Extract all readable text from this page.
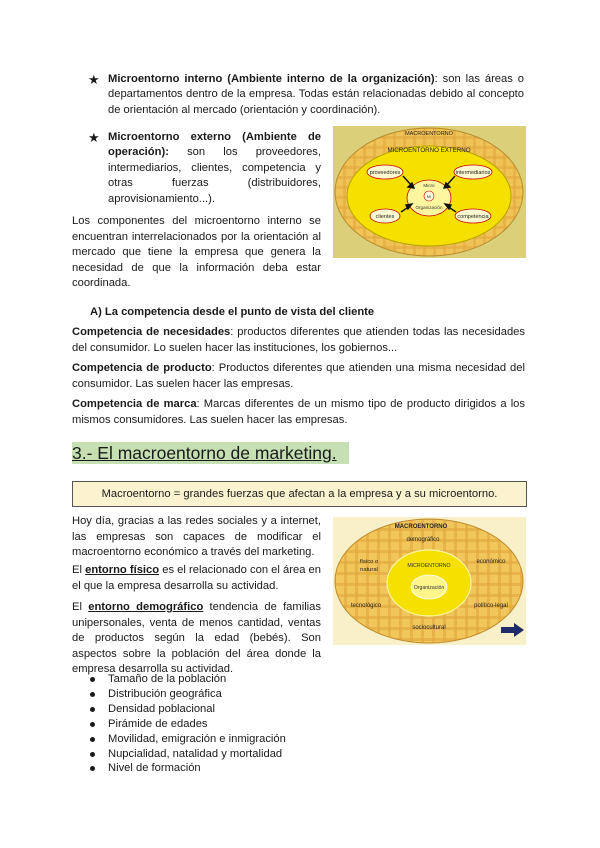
★ Microentorno interno (Ambiente interno de la organización): son las áreas o departamentos dentro de la empresa. Todas están relacionadas debido al concepto de orientación al mercado (orientación y coordinación).
★ Microentorno externo (Ambiente de operación): son los proveedores, intermediarios, clientes, competencia y otras fuerzas (distribuidores, aprovisionamiento...).
Los componentes del microentorno interno se encuentran interrelacionados por la orientación al mercado que tiene la empresa que genera la necesidad de que la información deba estar coordinada.
MACROENTORNO
MICROENTORNO EXTERNO
Micro
MI
Organización
proveedores	intermediarios
clientes	competencia
A) La competencia desde el punto de vista del cliente
Competencia de necesidades: productos diferentes que atienden todas las necesidades del consumidor. Lo suelen hacer las instituciones, los gobiernos...
Competencia de producto: Productos diferentes que atienden una misma necesidad del consumidor. Las suelen hacer las empresas.
Competencia de marca: Marcas diferentes de un mismo tipo de producto dirigidos a los mismos consumidores. Las suelen hacer las empresas.
3.- El macroentorno de marketing.
Macroentorno = grandes fuerzas que afectan a la empresa y a su microentorno.
Hoy día, gracias a las redes sociales y a internet, las empresas son capaces de modificar el macroentorno económico a través del marketing.
El entorno físico es el relacionado con el área en el que la empresa desarrolla su actividad.
El entorno demográfico tendencia de familias unipersonales, venta de menos cantidad, ventas de productos según la edad (bebés). Son aspectos sobre la población del área donde la empresa desarrolla su actividad.
MACROENTORNO
demográfico
económico
físico o
natural
tecnológico	político-legal
sociocultural
MICROENTORNO
Organización
Tamaño de la población
Distribución geográfica
Densidad poblacional
Pirámide de edades
Movilidad, emigración e inmigración
Nupcialidad, natalidad y mortalidad
Nivel de formación
